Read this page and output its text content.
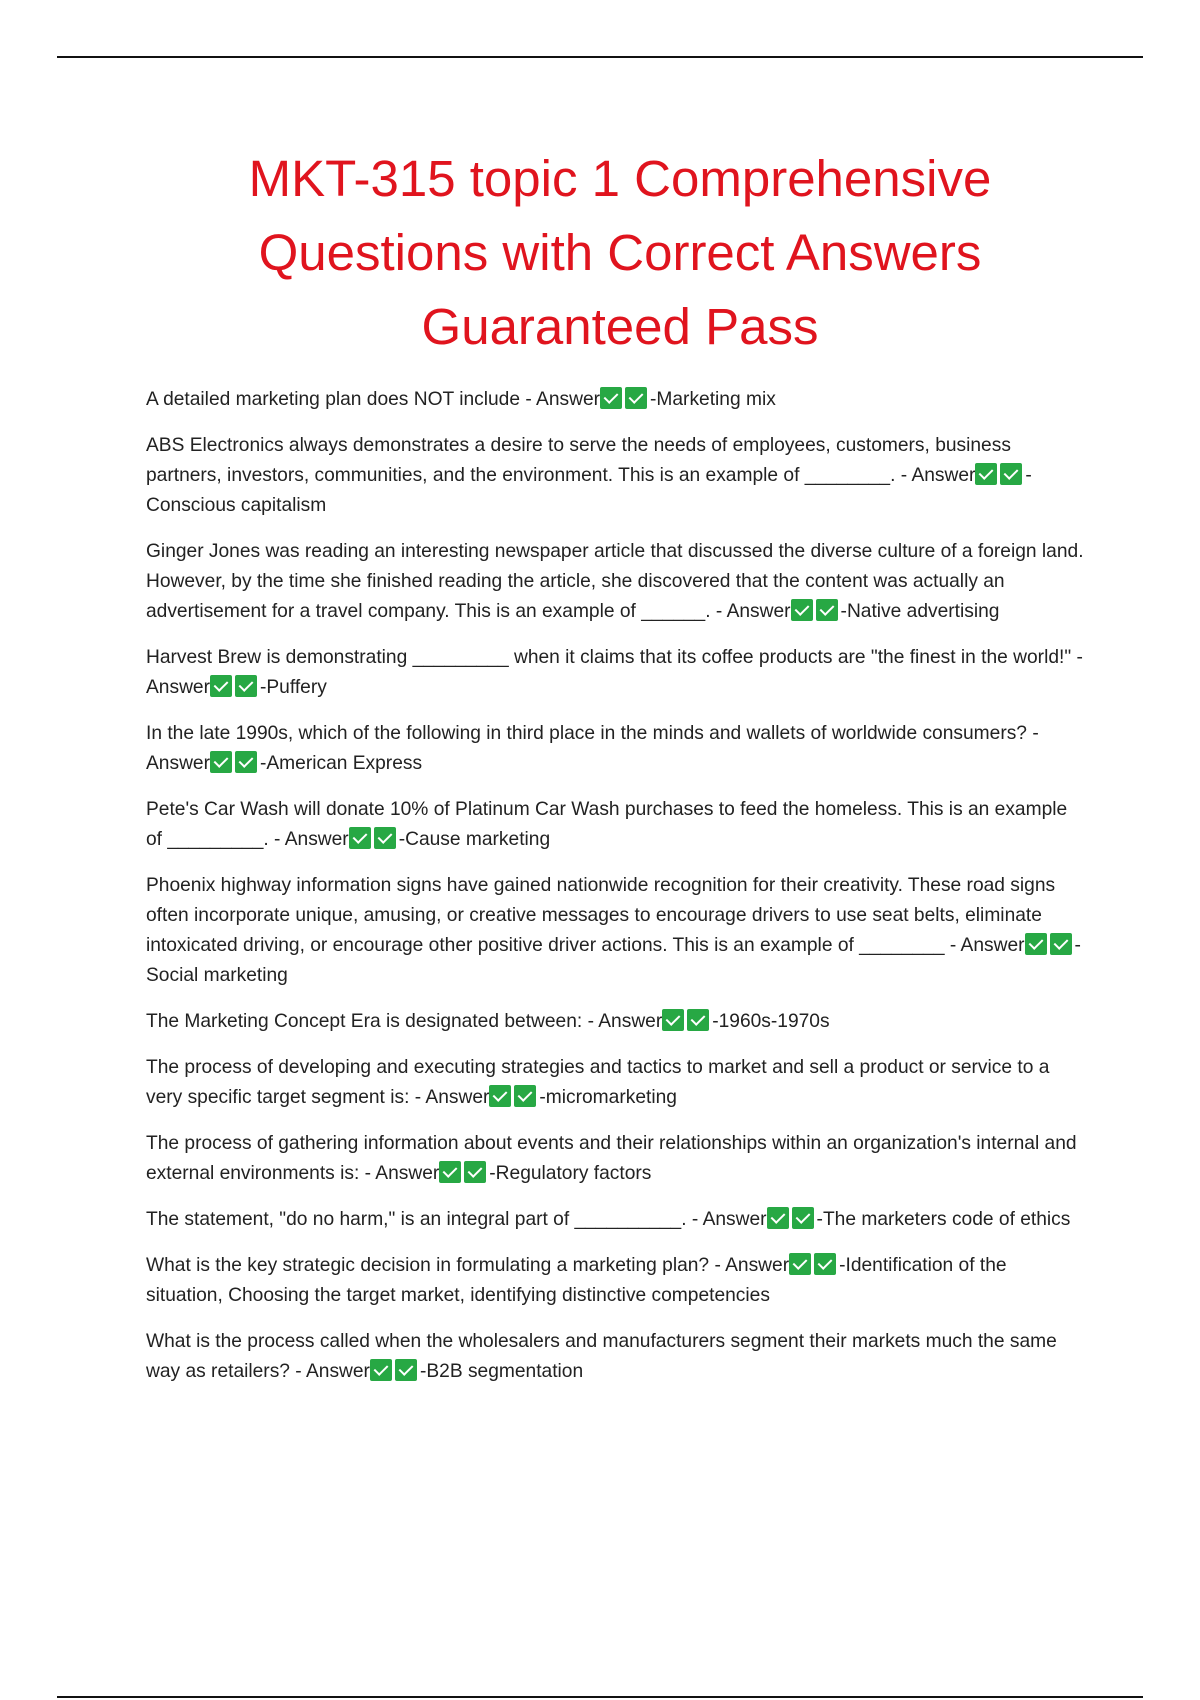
MKT-315 topic 1 Comprehensive Questions with Correct Answers Guaranteed Pass

A detailed marketing plan does NOT include - Answer	-Marketing mix

ABS Electronics always demonstrates a desire to serve the needs of employees, customers, business partners, investors, communities, and the environment. This is an example of ________. - Answer	-Conscious capitalism

Ginger Jones was reading an interesting newspaper article that discussed the diverse culture of a foreign land. However, by the time she finished reading the article, she discovered that the content was actually an advertisement for a travel company. This is an example of ______. - Answer	-Native advertising

Harvest Brew is demonstrating _________ when it claims that its coffee products are "the finest in the world!" - Answer	-Puffery

In the late 1990s, which of the following in third place in the minds and wallets of worldwide consumers? - Answer	-American Express

Pete's Car Wash will donate 10% of Platinum Car Wash purchases to feed the homeless. This is an example of _________. - Answer	-Cause marketing

Phoenix highway information signs have gained nationwide recognition for their creativity. These road signs often incorporate unique, amusing, or creative messages to encourage drivers to use seat belts, eliminate intoxicated driving, or encourage other positive driver actions. This is an example of ________ - Answer	-Social marketing

The Marketing Concept Era is designated between: - Answer	-1960s-1970s

The process of developing and executing strategies and tactics to market and sell a product or service to a very specific target segment is: - Answer	-micromarketing

The process of gathering information about events and their relationships within an organization's internal and external environments is: - Answer	-Regulatory factors

The statement, "do no harm," is an integral part of __________. - Answer	-The marketers code of ethics

What is the key strategic decision in formulating a marketing plan? - Answer	-Identification of the situation, Choosing the target market, identifying distinctive competencies

What is the process called when the wholesalers and manufacturers segment their markets much the same way as retailers? - Answer	-B2B segmentation
